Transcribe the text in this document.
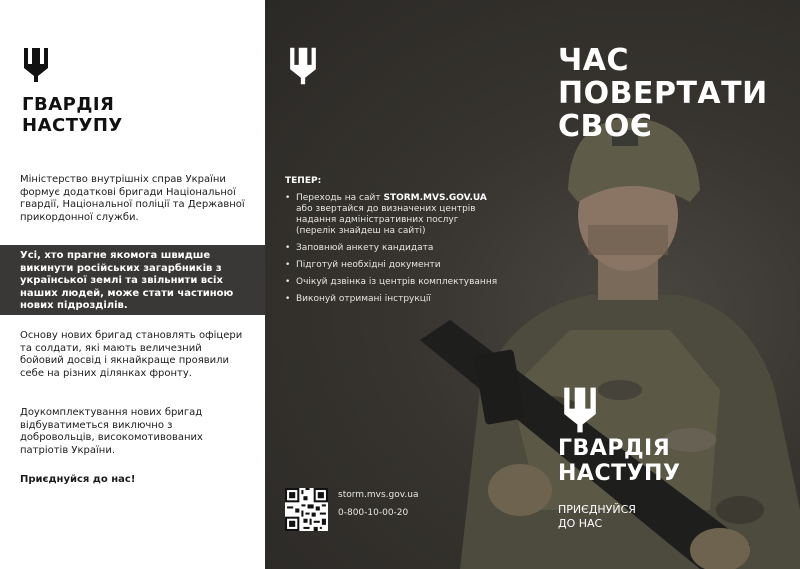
ГВАРДІЯ
НАСТУПУ
Міністерство внутрішніх справ України формує додаткові бригади Національної гвардії, Національної поліції та Державної прикордонної служби.
Усі, хто прагне якомога швидше викинути російських загарбників з української землі та звільнити всіх наших людей, може стати частиною нових підрозділів.
Основу нових бригад становлять офіцери та солдати, які мають величезний бойовий досвід і якнайкраще проявили себе на різних ділянках фронту.
Доукомплектування нових бригад відбуватиметься виключно з добровольців, високомотивованих патріотів України.
Приєднуйся до нас!
ЧАС
ПОВЕРТАТИ
СВОЄ
ТЕПЕР:
• Переходь на сайт STORM.MVS.GOV.UA або звертайся до визначених центрів надання адміністративних послуг (перелік знайдеш на сайті)
• Заповнюй анкету кандидата
• Підготуй необхідні документи
• Очікуй дзвінка із центрів комплектування
• Виконуй отримані інструкції
storm.mvs.gov.ua
0-800-10-00-20
ГВАРДІЯ
НАСТУПУ
ПРИЄДНУЙСЯ
ДО НАС
